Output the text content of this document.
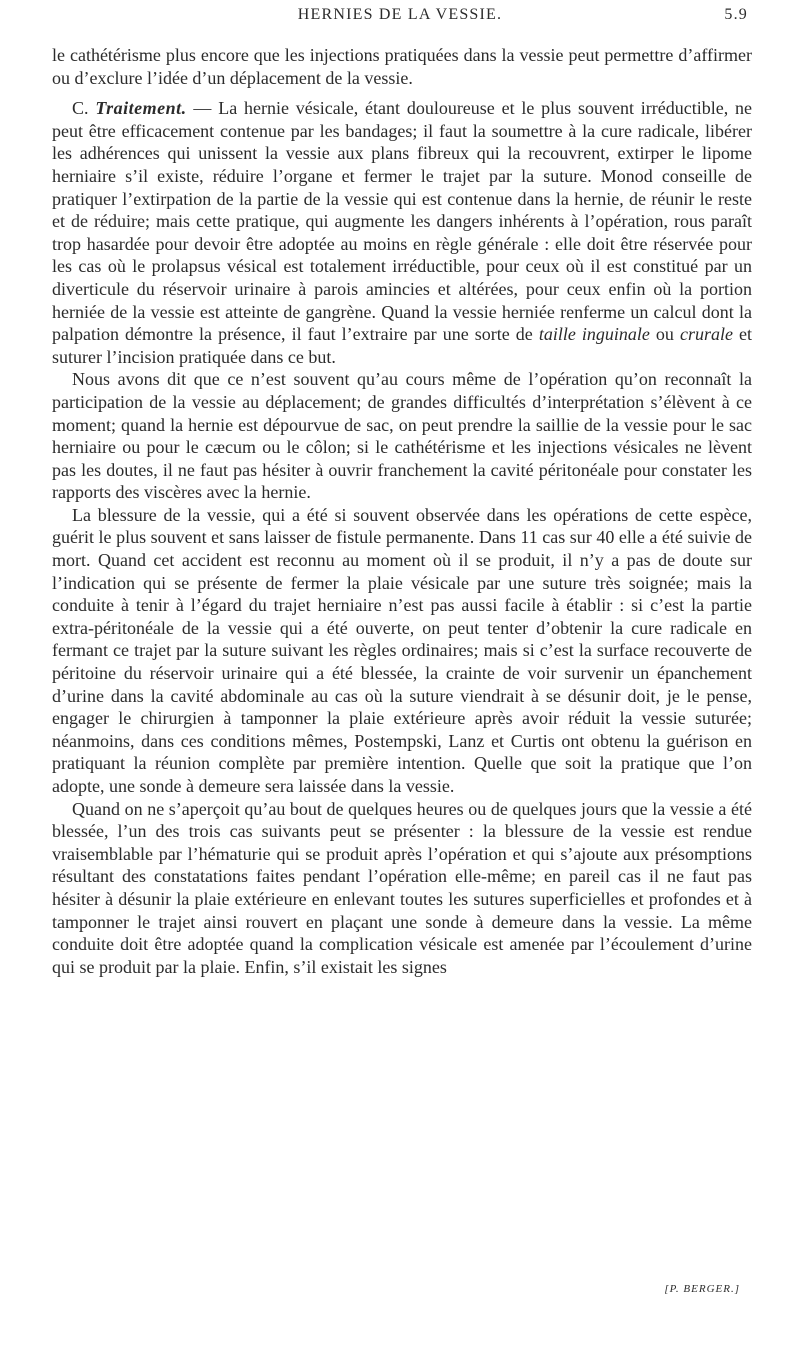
HERNIES DE LA VESSIE.	5.9

le cathétérisme plus encore que les injections pratiquées dans la vessie peut permettre d’affirmer ou d’exclure l’idée d’un déplacement de la vessie.

C. Traitement. — La hernie vésicale, étant douloureuse et le plus souvent irréductible, ne peut être efficacement contenue par les bandages; il faut la soumettre à la cure radicale, libérer les adhérences qui unissent la vessie aux plans fibreux qui la recouvrent, extirper le lipome herniaire s’il existe, réduire l’organe et fermer le trajet par la suture. Monod conseille de pratiquer l’extirpation de la partie de la vessie qui est contenue dans la hernie, de réunir le reste et de réduire; mais cette pratique, qui augmente les dangers inhérents à l’opération, rous paraît trop hasardée pour devoir être adoptée au moins en règle générale : elle doit être réservée pour les cas où le prolapsus vésical est totalement irréductible, pour ceux où il est constitué par un diverticule du réservoir urinaire à parois amincies et altérées, pour ceux enfin où la portion herniée de la vessie est atteinte de gangrène. Quand la vessie herniée renferme un calcul dont la palpation démontre la présence, il faut l’extraire par une sorte de taille inguinale ou crurale et suturer l’incision pratiquée dans ce but.

Nous avons dit que ce n’est souvent qu’au cours même de l’opération qu’on reconnaît la participation de la vessie au déplacement; de grandes difficultés d’interprétation s’élèvent à ce moment; quand la hernie est dépourvue de sac, on peut prendre la saillie de la vessie pour le sac herniaire ou pour le cæcum ou le côlon; si le cathétérisme et les injections vésicales ne lèvent pas les doutes, il ne faut pas hésiter à ouvrir franchement la cavité péritonéale pour constater les rapports des viscères avec la hernie.

La blessure de la vessie, qui a été si souvent observée dans les opérations de cette espèce, guérit le plus souvent et sans laisser de fistule permanente. Dans 11 cas sur 40 elle a été suivie de mort. Quand cet accident est reconnu au moment où il se produit, il n’y a pas de doute sur l’indication qui se présente de fermer la plaie vésicale par une suture très soignée; mais la conduite à tenir à l’égard du trajet herniaire n’est pas aussi facile à établir : si c’est la partie extra-péritonéale de la vessie qui a été ouverte, on peut tenter d’obtenir la cure radicale en fermant ce trajet par la suture suivant les règles ordinaires; mais si c’est la surface recouverte de péritoine du réservoir urinaire qui a été blessée, la crainte de voir survenir un épanchement d’urine dans la cavité abdominale au cas où la suture viendrait à se désunir doit, je le pense, engager le chirurgien à tamponner la plaie extérieure après avoir réduit la vessie suturée; néanmoins, dans ces conditions mêmes, Postempski, Lanz et Curtis ont obtenu la guérison en pratiquant la réunion complète par première intention. Quelle que soit la pratique que l’on adopte, une sonde à demeure sera laissée dans la vessie.

Quand on ne s’aperçoit qu’au bout de quelques heures ou de quelques jours que la vessie a été blessée, l’un des trois cas suivants peut se présenter : la blessure de la vessie est rendue vraisemblable par l’hématurie qui se produit après l’opération et qui s’ajoute aux présomptions résultant des constatations faites pendant l’opération elle-même; en pareil cas il ne faut pas hésiter à désunir la plaie extérieure en enlevant toutes les sutures superficielles et profondes et à tamponner le trajet ainsi rouvert en plaçant une sonde à demeure dans la vessie. La même conduite doit être adoptée quand la complication vésicale est amenée par l’écoulement d’urine qui se produit par la plaie. Enfin, s’il existait les signes

[P. BERGER.]
